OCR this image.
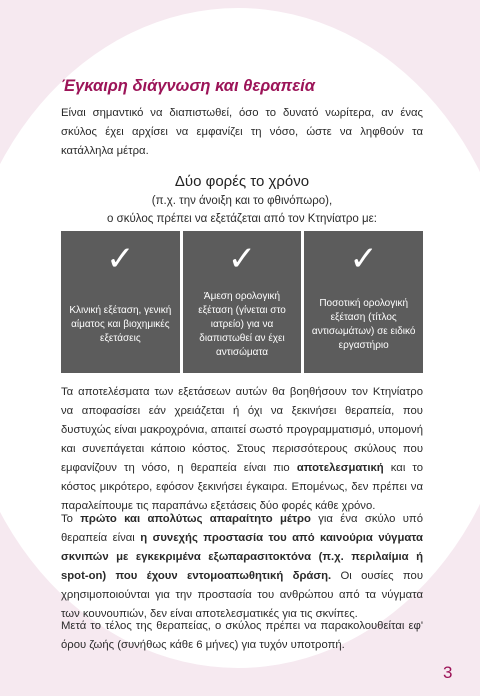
Έγκαιρη διάγνωση και θεραπεία

Είναι σημαντικό να διαπιστωθεί, όσο το δυνατό νωρίτερα, αν ένας σκύλος έχει αρχίσει να εμφανίζει τη νόσο, ώστε να ληφθούν τα κατάλληλα μέτρα.

Δύο φορές το χρόνο

(π.χ. την άνοιξη και το φθινόπωρο),

ο σκύλος πρέπει να εξετάζεται από τον Κτηνίατρο με:

✓
Κλινική εξέταση, γενική αίματος και βιοχημικές εξετάσεις
✓
Άμεση ορολογική εξέταση (γίνεται στο ιατρείο) για να διαπιστωθεί αν έχει αντισώματα
✓
Ποσοτική ορολογική εξέταση (τίτλος αντισωμάτων) σε ειδικό εργαστήριο

Τα αποτελέσματα των εξετάσεων αυτών θα βοηθήσουν τον Κτηνίατρο να αποφασίσει εάν χρειάζεται ή όχι να ξεκινήσει θεραπεία, που δυστυχώς είναι μακροχρόνια, απαιτεί σωστό προγραμματισμό, υπομονή και συνεπάγεται κάποιο κόστος. Στους περισσότερους σκύλους που εμφανίζουν τη νόσο, η θεραπεία είναι πιο αποτελεσματική και το κόστος μικρότερο, εφόσον ξεκινήσει έγκαιρα. Επομένως, δεν πρέπει να παραλείπουμε τις παραπάνω εξετάσεις δύο φορές κάθε χρόνο.

Το πρώτο και απολύτως απαραίτητο μέτρο για ένα σκύλο υπό θεραπεία είναι η συνεχής προστασία του από καινούρια νύγματα σκνιπών με εγκεκριμένα εξωπαρασιτοκτόνα (π.χ. περιλαίμια ή spot-on) που έχουν εντομοαπωθητική δράση. Οι ουσίες που χρησιμοποιούνται για την προστασία του ανθρώπου από τα νύγματα των κουνουπιών, δεν είναι αποτελεσματικές για τις σκνίπες.

Μετά το τέλος της θεραπείας, ο σκύλος πρέπει να παρακολουθείται εφ' όρου ζωής (συνήθως κάθε 6 μήνες) για τυχόν υποτροπή.

3
